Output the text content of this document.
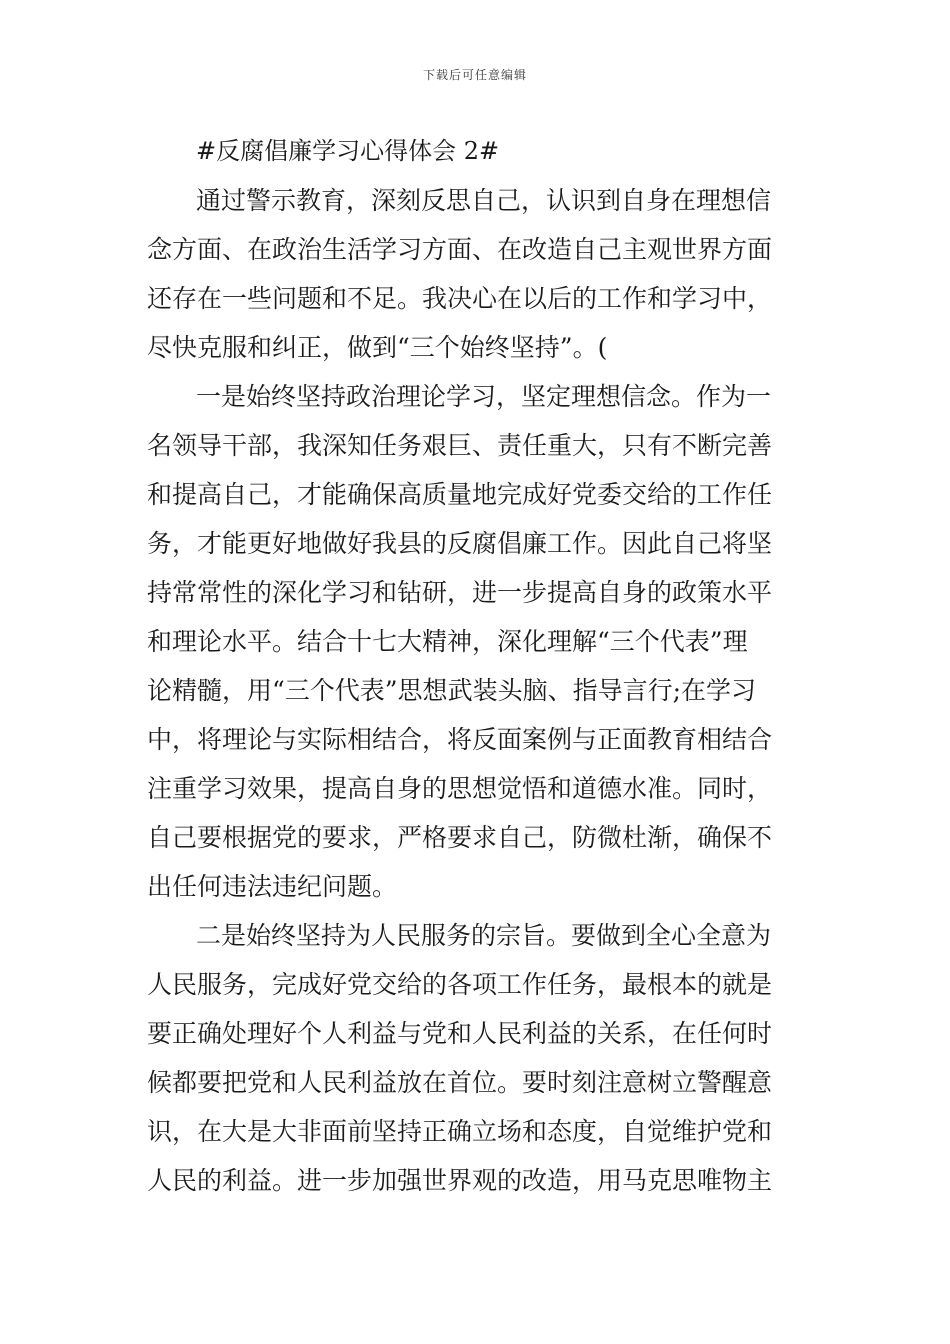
下载后可任意编辑
#反腐倡廉学习心得体会 2#
通过警示教育，深刻反思自己，认识到自身在理想信
念方面、在政治生活学习方面、在改造自己主观世界方面
还存在一些问题和不足。我决心在以后的工作和学习中，
尽快克服和纠正，做到“三个始终坚持”。(
一是始终坚持政治理论学习，坚定理想信念。作为一
名领导干部，我深知任务艰巨、责任重大，只有不断完善
和提高自己，才能确保高质量地完成好党委交给的工作任
务，才能更好地做好我县的反腐倡廉工作。因此自己将坚
持常常性的深化学习和钻研，进一步提高自身的政策水平
和理论水平。结合十七大精神，深化理解“三个代表”理
论精髓，用“三个代表”思想武装头脑、指导言行;在学习
中，将理论与实际相结合，将反面案例与正面教育相结合
注重学习效果，提高自身的思想觉悟和道德水准。同时，
自己要根据党的要求，严格要求自己，防微杜渐，确保不
出任何违法违纪问题。
二是始终坚持为人民服务的宗旨。要做到全心全意为
人民服务，完成好党交给的各项工作任务，最根本的就是
要正确处理好个人利益与党和人民利益的关系，在任何时
候都要把党和人民利益放在首位。要时刻注意树立警醒意
识，在大是大非面前坚持正确立场和态度，自觉维护党和
人民的利益。进一步加强世界观的改造，用马克思唯物主
